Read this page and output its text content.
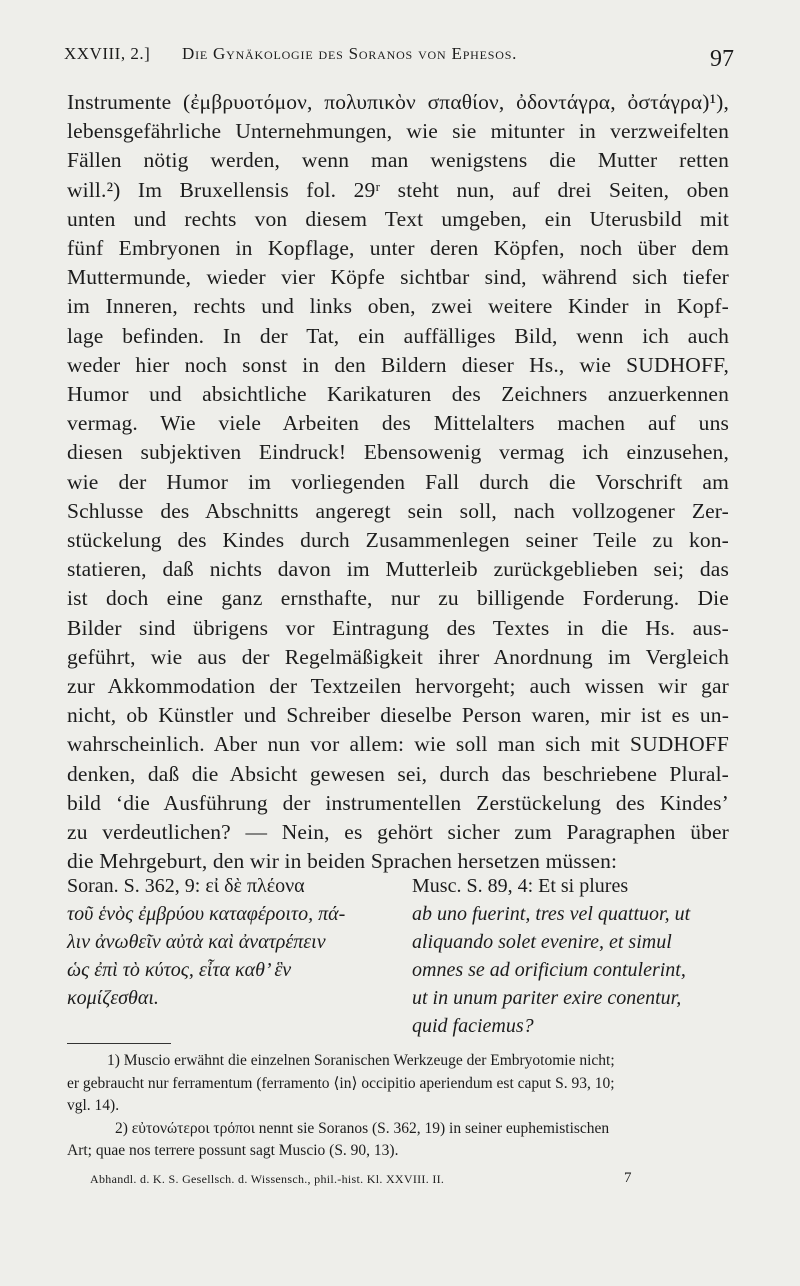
XXVIII, 2.] Die Gynäkologie des Soranos von Ephesos.	97
Instrumente (ἐμβρυοτόμον, πολυπικὸν σπαθίον, ὀδοντάγρα, ὀστάγρα)¹),
lebensgefährliche Unternehmungen, wie sie mitunter in verzweifelten
Fällen nötig werden, wenn man wenigstens die Mutter retten
will.²) Im Bruxellensis fol. 29ʳ steht nun, auf drei Seiten, oben
unten und rechts von diesem Text umgeben, ein Uterusbild mit
fünf Embryonen in Kopflage, unter deren Köpfen, noch über dem
Muttermunde, wieder vier Köpfe sichtbar sind, während sich tiefer
im Inneren, rechts und links oben, zwei weitere Kinder in Kopf-
lage befinden. In der Tat, ein auffälliges Bild, wenn ich auch
weder hier noch sonst in den Bildern dieser Hs., wie SUDHOFF,
Humor und absichtliche Karikaturen des Zeichners anzuerkennen
vermag. Wie viele Arbeiten des Mittelalters machen auf uns
diesen subjektiven Eindruck! Ebensowenig vermag ich einzusehen,
wie der Humor im vorliegenden Fall durch die Vorschrift am
Schlusse des Abschnitts angeregt sein soll, nach vollzogener Zer-
stückelung des Kindes durch Zusammenlegen seiner Teile zu kon-
statieren, daß nichts davon im Mutterleib zurückgeblieben sei; das
ist doch eine ganz ernsthafte, nur zu billigende Forderung. Die
Bilder sind übrigens vor Eintragung des Textes in die Hs. aus-
geführt, wie aus der Regelmäßigkeit ihrer Anordnung im Vergleich
zur Akkommodation der Textzeilen hervorgeht; auch wissen wir gar
nicht, ob Künstler und Schreiber dieselbe Person waren, mir ist es un-
wahrscheinlich. Aber nun vor allem: wie soll man sich mit SUDHOFF
denken, daß die Absicht gewesen sei, durch das beschriebene Plural-
bild ‘die Ausführung der instrumentellen Zerstückelung des Kindes’
zu verdeutlichen? — Nein, es gehört sicher zum Paragraphen über
die Mehrgeburt, den wir in beiden Sprachen hersetzen müssen:
Soran. S. 362, 9: εἰ δὲ πλέονα
τοῦ ἑνὸς ἐμβρύου καταφέροιτο, πά-
λιν ἀνωθεῖν αὐτὰ καὶ ἀνατρέπειν
ὡς ἐπὶ τὸ κύτος, εἶτα καθ’ ἓν
κομίζεσθαι.
Musc. S. 89, 4: Et si plures
ab uno fuerint, tres vel quattuor, ut
aliquando solet evenire, et simul
omnes se ad orificium contulerint,
ut in unum pariter exire conentur,
quid faciemus?
1) Muscio erwähnt die einzelnen Soranischen Werkzeuge der Embryotomie nicht;
er gebraucht nur ferramentum (ferramento ⟨in⟩ occipitio aperiendum est caput S. 93, 10;
vgl. 14).
2) εὐτονώτεροι τρόποι nennt sie Soranos (S. 362, 19) in seiner euphemistischen
Art; quae nos terrere possunt sagt Muscio (S. 90, 13).
Abhandl. d. K. S. Gesellsch. d. Wissensch., phil.-hist. Kl. XXVIII. II.	7
